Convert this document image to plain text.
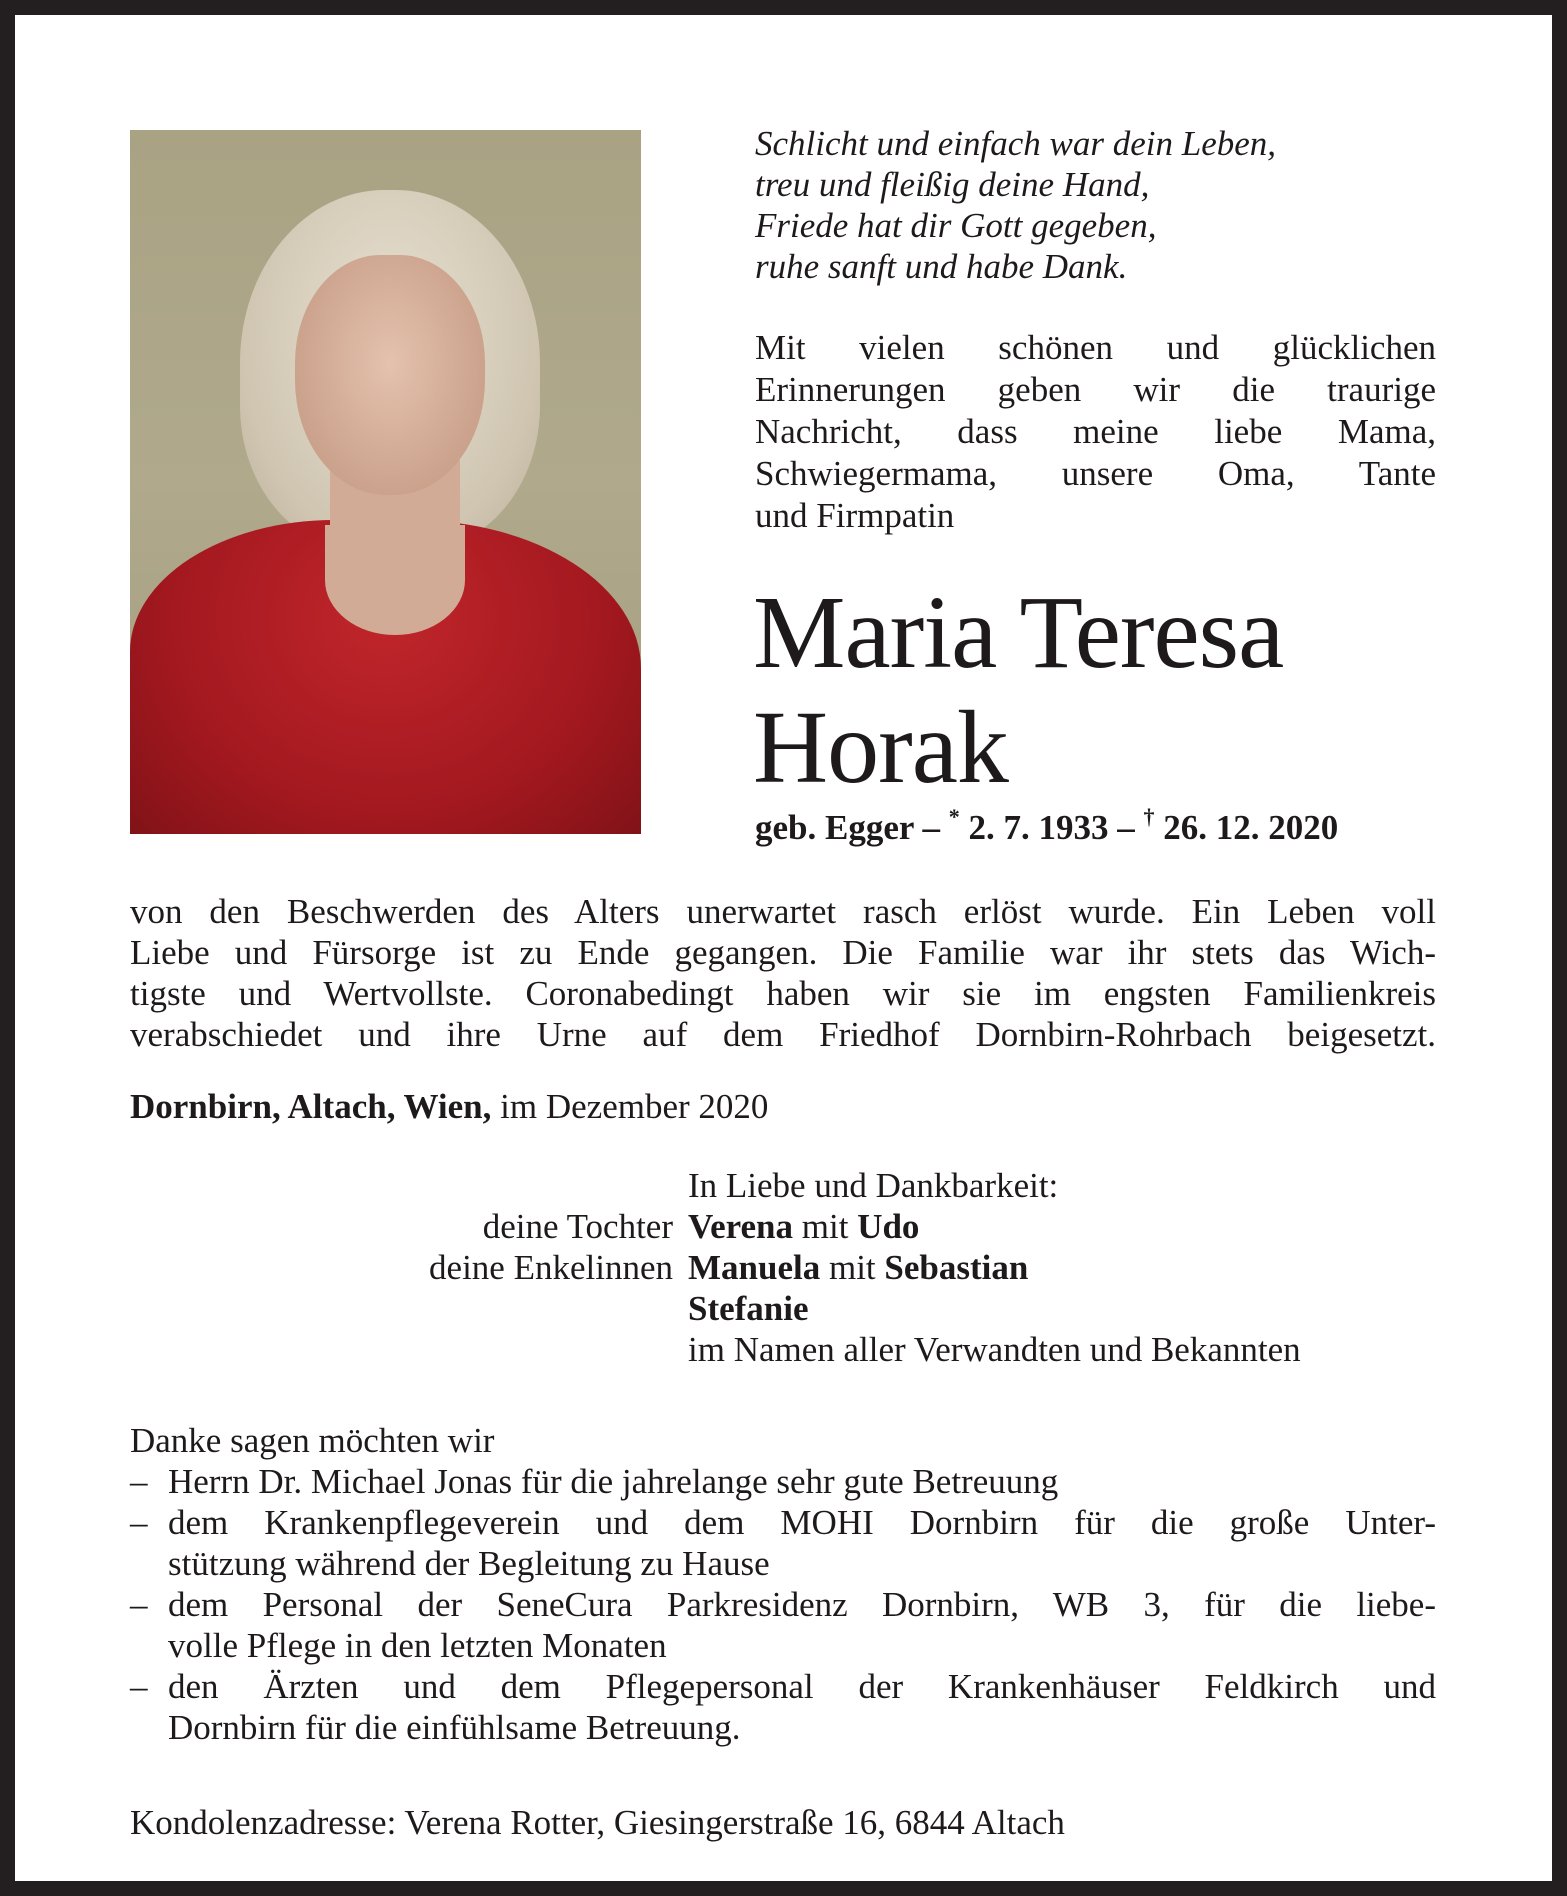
Schlicht und einfach war dein Leben,
treu und fleißig deine Hand,
Friede hat dir Gott gegeben,
ruhe sanft und habe Dank.
Mit vielen schönen und glücklichen
Erinnerungen geben wir die traurige
Nachricht, dass meine liebe Mama,
Schwiegermama, unsere Oma, Tante
und Firmpatin
Maria Teresa
Horak
geb. Egger – * 2. 7. 1933 – † 26. 12. 2020
von den Beschwerden des Alters unerwartet rasch erlöst wurde. Ein Leben voll
Liebe und Fürsorge ist zu Ende gegangen. Die Familie war ihr stets das Wich-
tigste und Wertvollste. Coronabedingt haben wir sie im engsten Familienkreis
verabschiedet und ihre Urne auf dem Friedhof Dornbirn-Rohrbach beigesetzt.
Dornbirn, Altach, Wien, im Dezember 2020
In Liebe und Dankbarkeit:
deine Tochter Verena mit Udo
deine Enkelinnen Manuela mit Sebastian
Stefanie
im Namen aller Verwandten und Bekannten
Danke sagen möchten wir
– Herrn Dr. Michael Jonas für die jahrelange sehr gute Betreuung
– dem Krankenpflegeverein und dem MOHI Dornbirn für die große Unter-
stützung während der Begleitung zu Hause
– dem Personal der SeneCura Parkresidenz Dornbirn, WB 3, für die liebe-
volle Pflege in den letzten Monaten
– den Ärzten und dem Pflegepersonal der Krankenhäuser Feldkirch und
Dornbirn für die einfühlsame Betreuung.
Kondolenzadresse: Verena Rotter, Giesingerstraße 16, 6844 Altach
